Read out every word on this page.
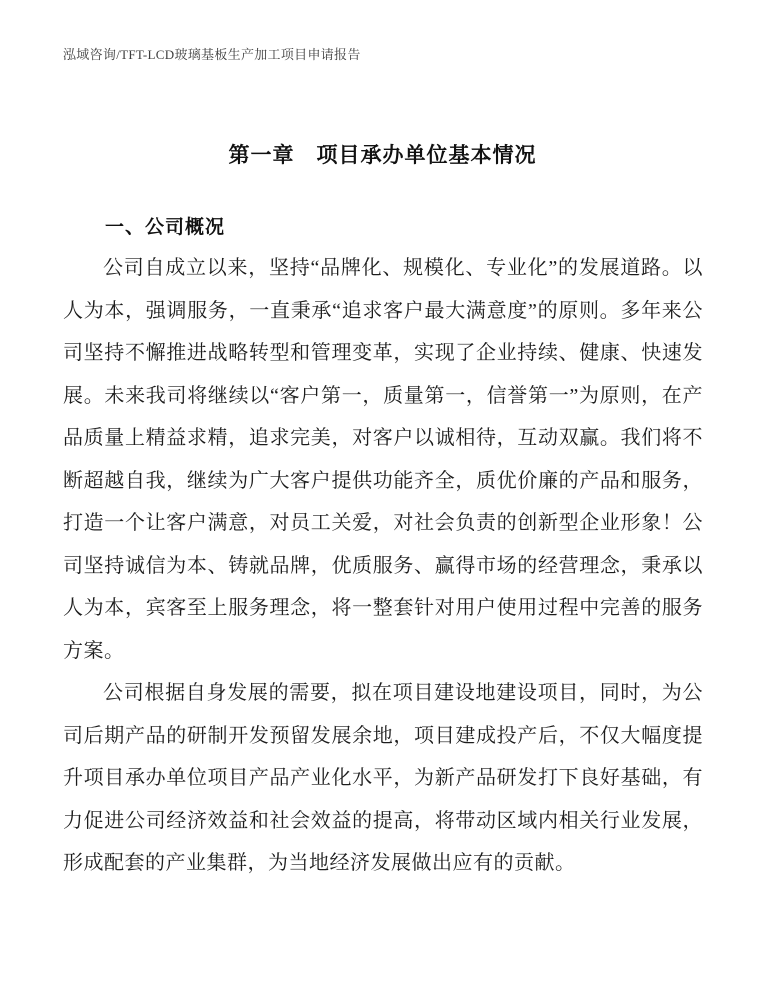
泓域咨询/TFT-LCD玻璃基板生产加工项目申请报告
第一章　项目承办单位基本情况
一、公司概况

公司自成立以来，坚持“品牌化、规模化、专业化”的发展道路。以人为本，强调服务，一直秉承“追求客户最大满意度”的原则。多年来公司坚持不懈推进战略转型和管理变革，实现了企业持续、健康、快速发展。未来我司将继续以“客户第一，质量第一，信誉第一”为原则，在产品质量上精益求精，追求完美，对客户以诚相待，互动双赢。我们将不断超越自我，继续为广大客户提供功能齐全，质优价廉的产品和服务，打造一个让客户满意，对员工关爱，对社会负责的创新型企业形象！公司坚持诚信为本、铸就品牌，优质服务、赢得市场的经营理念，秉承以人为本，宾客至上服务理念，将一整套针对用户使用过程中完善的服务方案。

公司根据自身发展的需要，拟在项目建设地建设项目，同时，为公司后期产品的研制开发预留发展余地，项目建成投产后，不仅大幅度提升项目承办单位项目产品产业化水平，为新产品研发打下良好基础，有力促进公司经济效益和社会效益的提高，将带动区域内相关行业发展，形成配套的产业集群，为当地经济发展做出应有的贡献。
